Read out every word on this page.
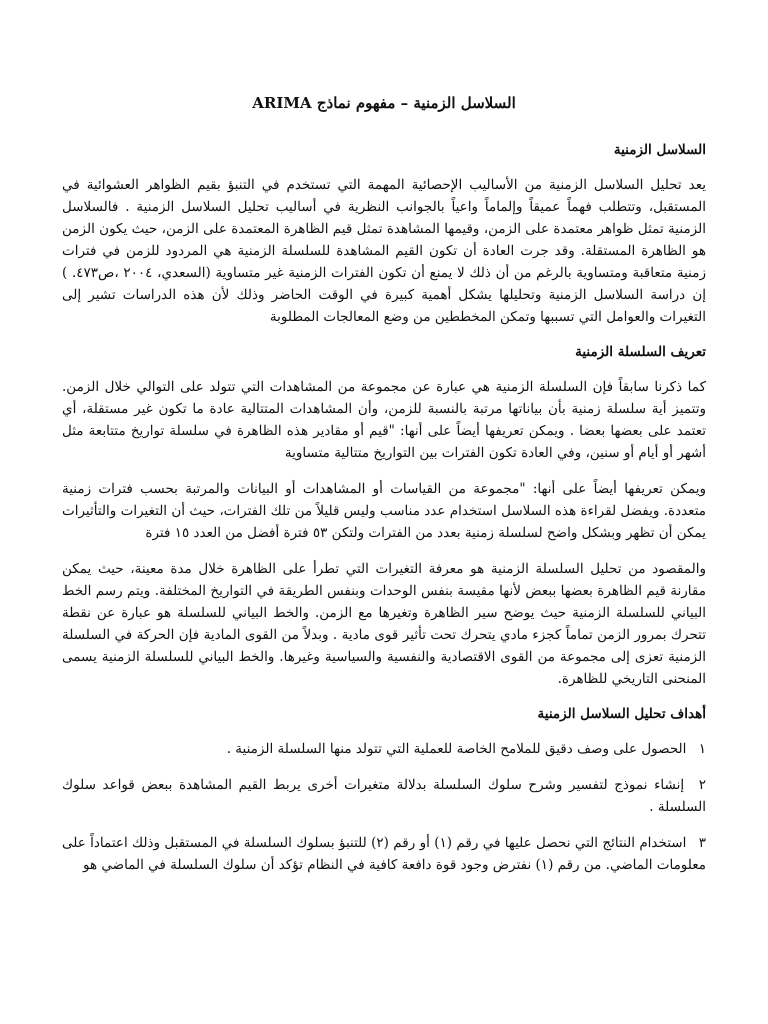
السلاسل الزمنية – مفهوم نماذج ARIMA
السلاسل الزمنية

يعد تحليل السلاسل الزمنية من الأساليب الإحصائية المهمة التي تستخدم في التنبؤ بقيم الظواهر العشوائية في المستقبل، وتتطلب فهماً عميقاً وإلماماً واعياً بالجوانب النظرية في أساليب تحليل السلاسل الزمنية . فالسلاسل الزمنية تمثل ظواهر معتمدة على الزمن، وقيمها المشاهدة تمثل قيم الظاهرة المعتمدة على الزمن، حيث يكون الزمن هو الظاهرة المستقلة. وقد جرت العادة أن تكون القيم المشاهدة للسلسلة الزمنية هي المردود للزمن في فترات زمنية متعاقبة ومتساوية بالرغم من أن ذلك لا يمنع أن تكون الفترات الزمنية غير متساوية (السعدي، ٢٠٠٤ ،ص٤٧٣. ) إن دراسة السلاسل الزمنية وتحليلها يشكل أهمية كبيرة في الوقت الحاضر وذلك لأن هذه الدراسات تشير إلى التغيرات والعوامل التي تسببها وتمكن المخططين من وضع المعالجات المطلوبة

تعريف السلسلة الزمنية

كما ذكرنا سابقاً فإن السلسلة الزمنية هي عبارة عن مجموعة من المشاهدات التي تتولد على التوالي خلال الزمن. وتتميز أية سلسلة زمنية بأن بياناتها مرتبة بالنسبة للزمن، وأن المشاهدات المتتالية عادة ما تكون غير مستقلة، أي تعتمد على بعضها بعضا . ويمكن تعريفها أيضاً على أنها: "قيم أو مقادير هذه الظاهرة في سلسلة تواريخ متتابعة مثل أشهر أو أيام أو سنين، وفي العادة تكون الفترات بين التواريخ متتالية متساوية

ويمكن تعريفها أيضاً على أنها: "مجموعة من القياسات أو المشاهدات أو البيانات والمرتبة بحسب فترات زمنية متعددة. ويفضل لقراءة هذه السلاسل استخدام عدد مناسب وليس قليلاً من تلك الفترات، حيث أن التغيرات والتأثيرات يمكن أن تظهر وبشكل واضح لسلسلة زمنية بعدد من الفترات ولتكن ٥٣ فترة أفضل من العدد ١٥ فترة

والمقصود من تحليل السلسلة الزمنية هو معرفة التغيرات التي تطرأ على الظاهرة خلال مدة معينة، حيث يمكن مقارنة قيم الظاهرة بعضها ببعض لأنها مقيسة بنفس الوحدات وبنفس الطريقة في التواريخ المختلفة. ويتم رسم الخط البياني للسلسلة الزمنية حيث يوضح سير الظاهرة وتغيرها مع الزمن. والخط البياني للسلسلة هو عبارة عن نقطة تتحرك بمرور الزمن تماماً كجزء مادي يتحرك تحت تأثير قوى مادية . وبدلاً من القوى المادية فإن الحركة في السلسلة الزمنية تعزى إلى مجموعة من القوى الاقتصادية والنفسية والسياسية وغيرها. والخط البياني للسلسلة الزمنية يسمى المنحنى التاريخي للظاهرة.

أهداف تحليل السلاسل الزمنية
١ الحصول على وصف دقيق للملامح الخاصة للعملية التي تتولد منها السلسلة الزمنية .
٢ إنشاء نموذج لتفسير وشرح سلوك السلسلة بدلالة متغيرات أخرى يربط القيم المشاهدة ببعض قواعد سلوك السلسلة .
٣ استخدام النتائج التي نحصل عليها في رقم (١) أو رقم (٢) للتنبؤ بسلوك السلسلة في المستقبل وذلك اعتماداً على معلومات الماضي. من رقم (١) نفترض وجود قوة دافعة كافية في النظام تؤكد أن سلوك السلسلة في الماضي هو
